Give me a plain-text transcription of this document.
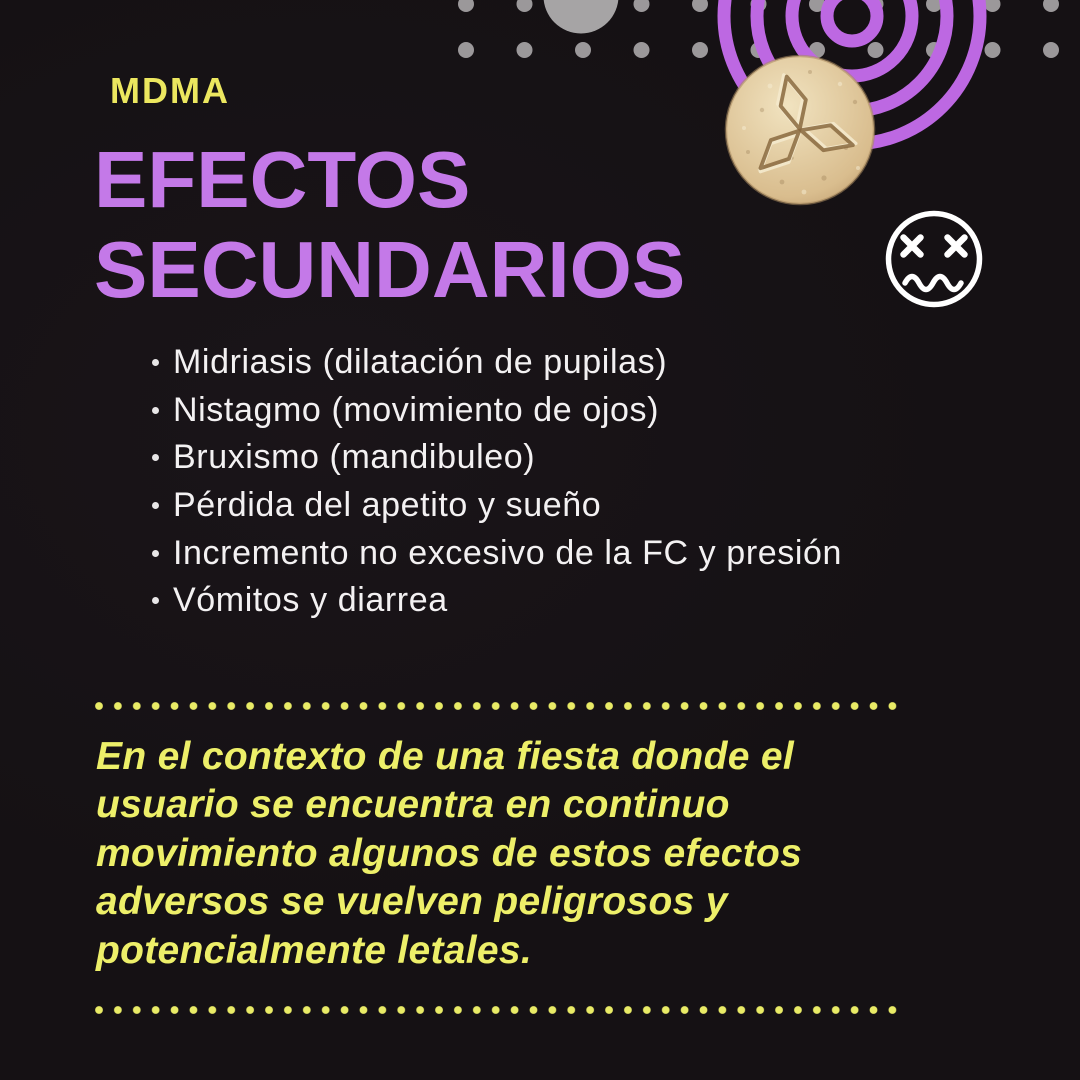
MDMA
EFECTOS
SECUNDARIOS
Midriasis (dilatación de pupilas)
Nistagmo (movimiento de ojos)
Bruxismo (mandibuleo)
Pérdida del apetito y sueño
Incremento no excesivo de la FC y presión
Vómitos y diarrea
En el contexto de una fiesta donde el
usuario se encuentra en continuo
movimiento algunos de estos efectos
adversos se vuelven peligrosos y
potencialmente letales.
